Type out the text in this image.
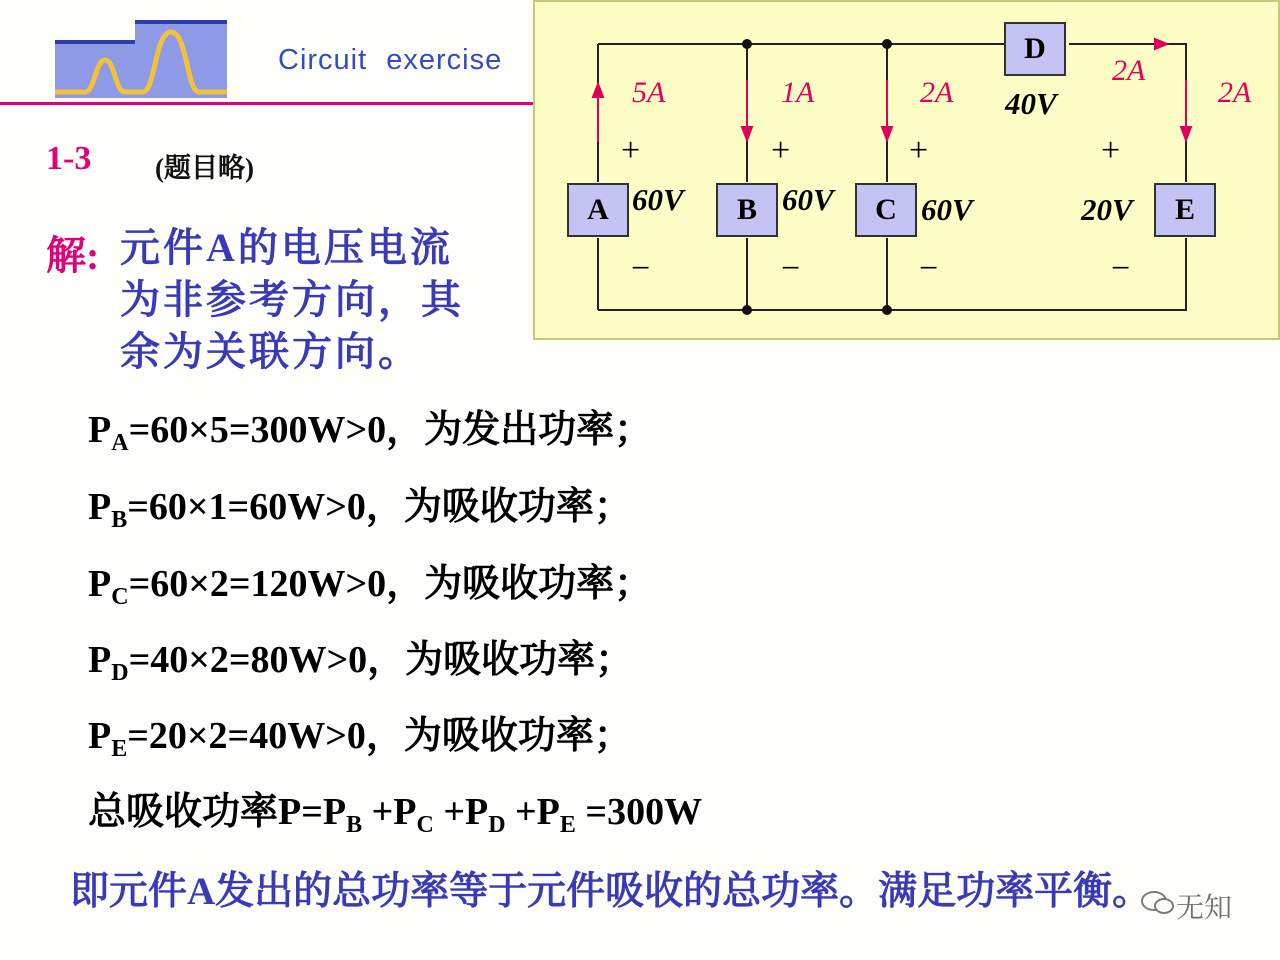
Circuit exercise
1-3 (题目略)
解: 元件A的电压电流
为非参考方向，其
余为关联方向。
A	B	C
D
E
5A	1A	2A
2A
2A
60V	60V	60V
40V
20V
+	+	+	+
−	−	−	−
$P_A=60\times 5=300W>0$，为发出功率；
$P_B=60\times 1=60W>0$，为吸收功率；
$P_C=60\times 2=120W>0$，为吸收功率；
$P_D=40\times 2=80W>0$，为吸收功率；
$P_E=20\times 2=40W>0$，为吸收功率；
总吸收功率$P=P_B +P_C +P_D +P_E =300W$
即元件A发出的总功率等于元件吸收的总功率。满足功率平衡。 无知
